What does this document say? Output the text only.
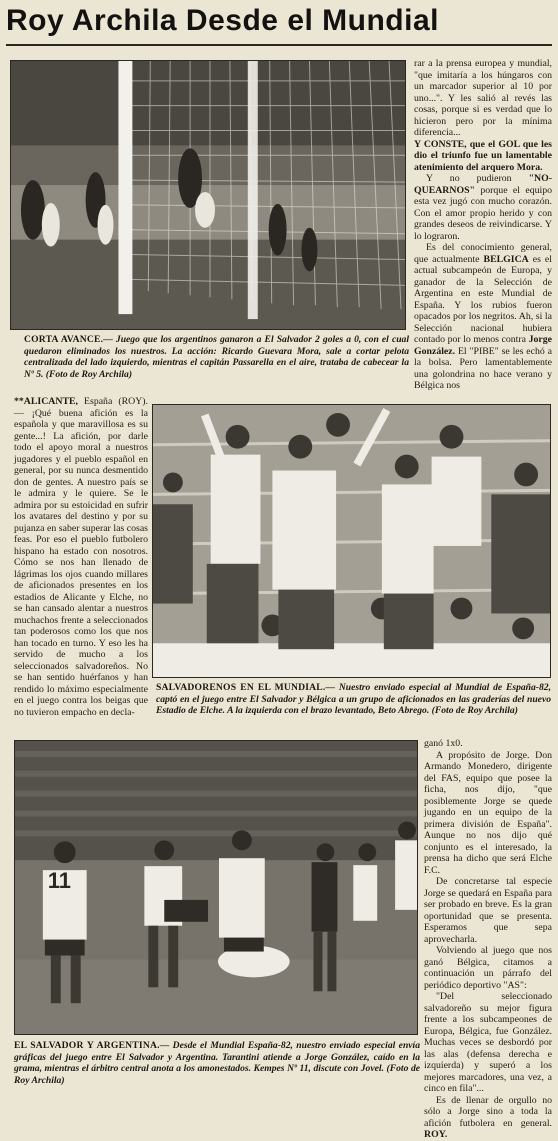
Roy Archila Desde el Mundial
CORTA AVANCE.— Juego que los argentinos ganaron a El Salvador 2 goles a 0, con el cual quedaron eliminados los nuestros. La acción: Ricardo Guevara Mora, sale a cortar pelota centralizada del lado izquierdo, mientras el capitán Passarella en el aire, trataba de cabecear la Nº 5. (Foto de Roy Archila)

rar a la prensa europea y mundial, "que imitaría a los húngaros con un marcador superior al 10 por uno...". Y les salió al revés las cosas, porque si es verdad que lo hicieron pero por la mínima diferencia...

Y CONSTE, que el GOL que les dio el triunfo fue un lamentable atenimiento del arquero Mora.

Y no pudieron "NO-QUEARNOS" porque el equipo esta vez jugó con mucho corazón. Con el amor propio herido y con grandes deseos de reivindicarse. Y lo lograron.

Es del conocimiento general, que actualmente BELGICA es el actual subcampeón de Europa, y ganador de la Selección de Argentina en este Mundial de España. Y los rubios fueron opacados por los negritos. Ah, si la Selección nacional hubiera contado por lo menos contra Jorge González. El "PIBE" se les echó a la bolsa. Pero lamentablemente una golondrina no hace verano y Bélgica nos

**ALICANTE, España (ROY).— ¡Qué buena afición es la española y que maravillosa es su gente...! La afición, por darle todo el apoyo moral a nuestros jugadores y el pueblo español en general, por su nunca desmentido don de gentes. A nuestro país se le admira y le quiere. Se le admira por su estoicidad en sufrir los avatares del destino y por su pujanza en saber superar las cosas feas. Por eso el pueblo futbolero hispano ha estado con nosotros. Cómo se nos han llenado de lágrimas los ojos cuando millares de aficionados presentes en los estadios de Alicante y Elche, no se han cansado alentar a nuestros muchachos frente a seleccionados tan poderosos como los que nos han tocado en turno. Y eso les ha servido de mucho a los seleccionados salvadoreños. No se han sentido huérfanos y han rendido lo máximo especialmente en el juego contra los beigas que no tuvieron empacho en decla-

SALVADORENOS EN EL MUNDIAL.— Nuestro enviado especial al Mundial de España-82, captó en el juego entre El Salvador y Bélgica a un grupo de aficionados en las graderías del nuevo Estadio de Elche. A la izquierda con el brazo levantado, Beto Abrego. (Foto de Roy Archila)
11
EL SALVADOR Y ARGENTINA.— Desde el Mundial España-82, nuestro enviado especial envía gráficas del juego entre El Salvador y Argentina. Tarantini atiende a Jorge González, caído en la grama, mientras el árbitro central anota a los amonestados. Kempes Nº 11, discute con Jovel. (Foto de Roy Archila)

ganó 1x0.

A propósito de Jorge. Don Armando Monedero, dirigente del FAS, equipo que posee la ficha, nos dijo, "que posiblemente Jorge se quede jugando en un equipo de la primera división de España". Aunque no nos dijo qué conjunto es el interesado, la prensa ha dicho que será Elche F.C.

De concretarse tal especie Jorge se quedará en España para ser probado en breve. Es la gran oportunidad que se presenta. Esperamos que sepa aprovecharla.

Volviendo al juego que nos ganó Bélgica, citamos a continuación un párrafo del periódico deportivo "AS":

"Del seleccionado salvadoreño su mejor figura frente a los subcampeones de Europa, Bélgica, fue González. Muchas veces se desbordó por las alas (defensa derecha e izquierda) y superó a los mejores marcadores, una vez, a cinco en fila"...

Es de llenar de orgullo no sólo a Jorge sino a toda la afición futbolera en general. ROY.
